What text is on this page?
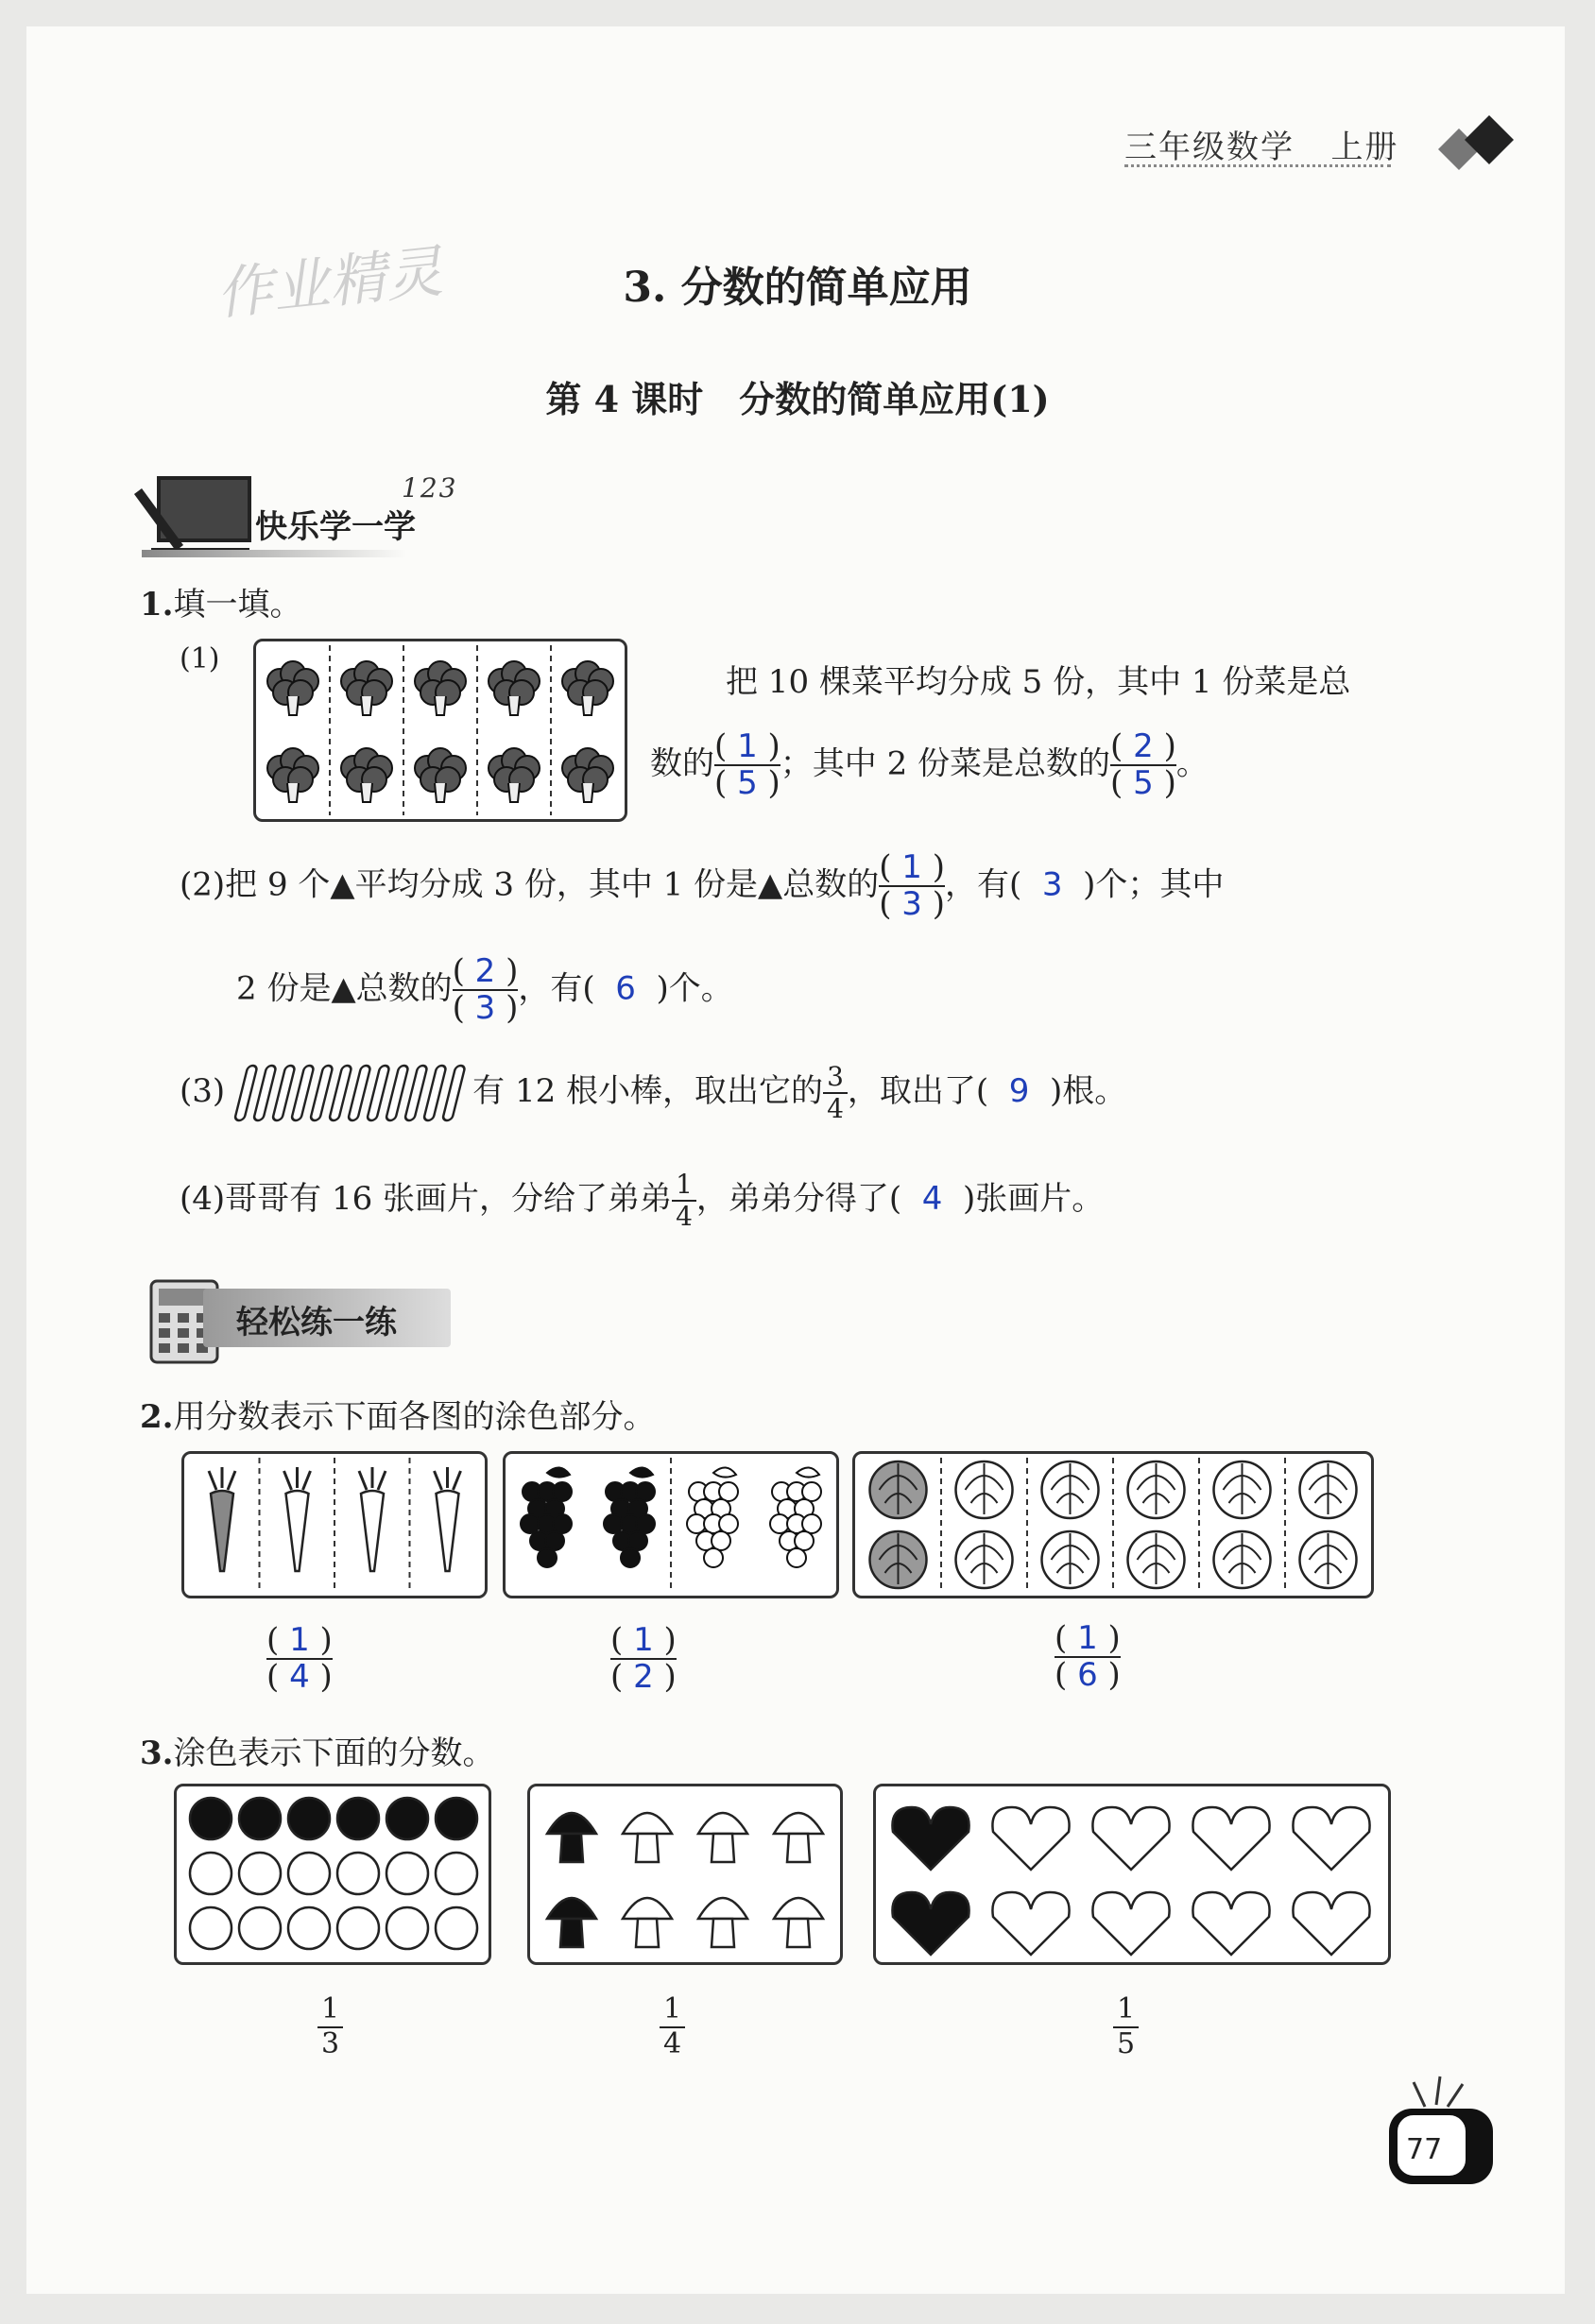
三年级数学 上册
作业精灵	3. 分数的简单应用
第 4 课时　分数的简单应用(1)
快乐学一学
123
1.填一填。
(1)
把 10 棵菜平均分成 5 份，其中 1 份菜是总
数的 $\frac{( 1 )}{( 5 )}$ ；其中 2 份菜是总数的 $\frac{( 2 )}{( 5 )}$ 。
(2)把 9 个▲平均分成 3 份，其中 1 份是▲总数的 $\frac{( 1 )}{( 3 )}$ ，有( 3 )个；其中
2 份是▲总数的 $\frac{( 2 )}{( 3 )}$ ，有( 6 )个。
(3)	有 12 根小棒，取出它的 $\frac{3}{4}$ ，取出了( 9 )根。
(4)哥哥有 16 张画片，分给了弟弟 $\frac{1}{4}$ ，弟弟分得了( 4 )张画片。
轻松练一练
2.用分数表示下面各图的涂色部分。
$\frac{( 1 )}{( 4 )}$	$\frac{( 1 )}{( 2 )}$	$\frac{( 1 )}{( 6 )}$
3.涂色表示下面的分数。
$\frac{1}{3}$	$\frac{1}{4}$	$\frac{1}{5}$
77
